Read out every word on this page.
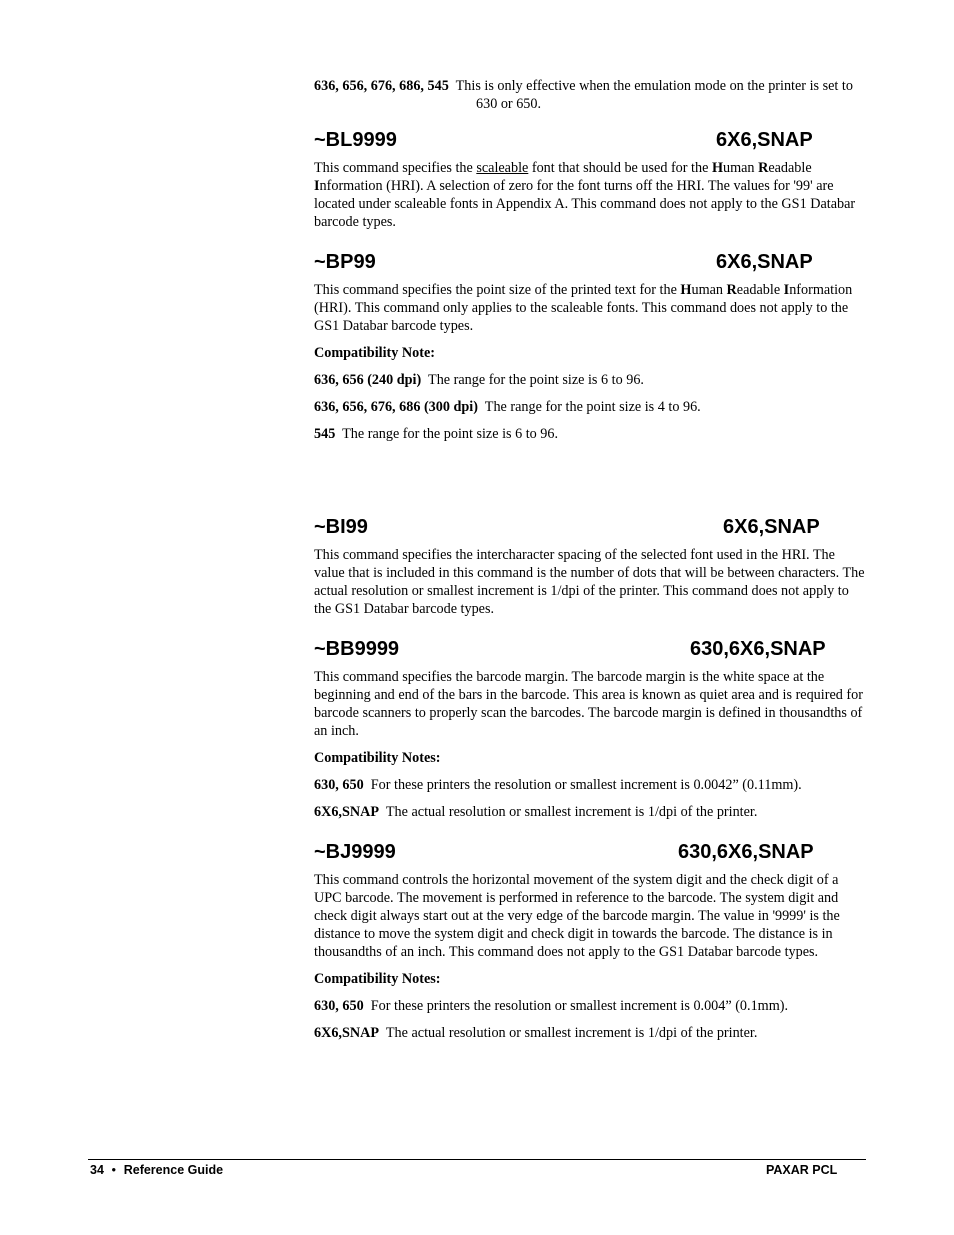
636, 656, 676, 686, 545 This is only effective when the emulation mode on the printer is set to 630 or 650.

~BL9999	6X6,SNAP

This command specifies the scaleable font that should be used for the Human Readable Information (HRI). A selection of zero for the font turns off the HRI. The values for '99' are located under scaleable fonts in Appendix A. This command does not apply to the GS1 Databar barcode types.

~BP99	6X6,SNAP

This command specifies the point size of the printed text for the Human Readable Information (HRI). This command only applies to the scaleable fonts. This command does not apply to the GS1 Databar barcode types.

Compatibility Note:

636, 656 (240 dpi) The range for the point size is 6 to 96.

636, 656, 676, 686 (300 dpi) The range for the point size is 4 to 96.

545 The range for the point size is 6 to 96.

~BI99	6X6,SNAP

This command specifies the intercharacter spacing of the selected font used in the HRI. The value that is included in this command is the number of dots that will be between characters. The actual resolution or smallest increment is 1/dpi of the printer. This command does not apply to the GS1 Databar barcode types.

~BB9999	630,6X6,SNAP

This command specifies the barcode margin. The barcode margin is the white space at the beginning and end of the bars in the barcode. This area is known as quiet area and is required for barcode scanners to properly scan the barcodes. The barcode margin is defined in thousandths of an inch.

Compatibility Notes:

630, 650 For these printers the resolution or smallest increment is 0.0042” (0.11mm).

6X6,SNAP The actual resolution or smallest increment is 1/dpi of the printer.

~BJ9999	630,6X6,SNAP

This command controls the horizontal movement of the system digit and the check digit of a UPC barcode. The movement is performed in reference to the barcode. The system digit and check digit always start out at the very edge of the barcode margin. The value in '9999' is the distance to move the system digit and check digit in towards the barcode. The distance is in thousandths of an inch. This command does not apply to the GS1 Databar barcode types.

Compatibility Notes:

630, 650 For these printers the resolution or smallest increment is 0.004” (0.1mm).

6X6,SNAP The actual resolution or smallest increment is 1/dpi of the printer.

34 ● Reference Guide	PAXAR PCL
